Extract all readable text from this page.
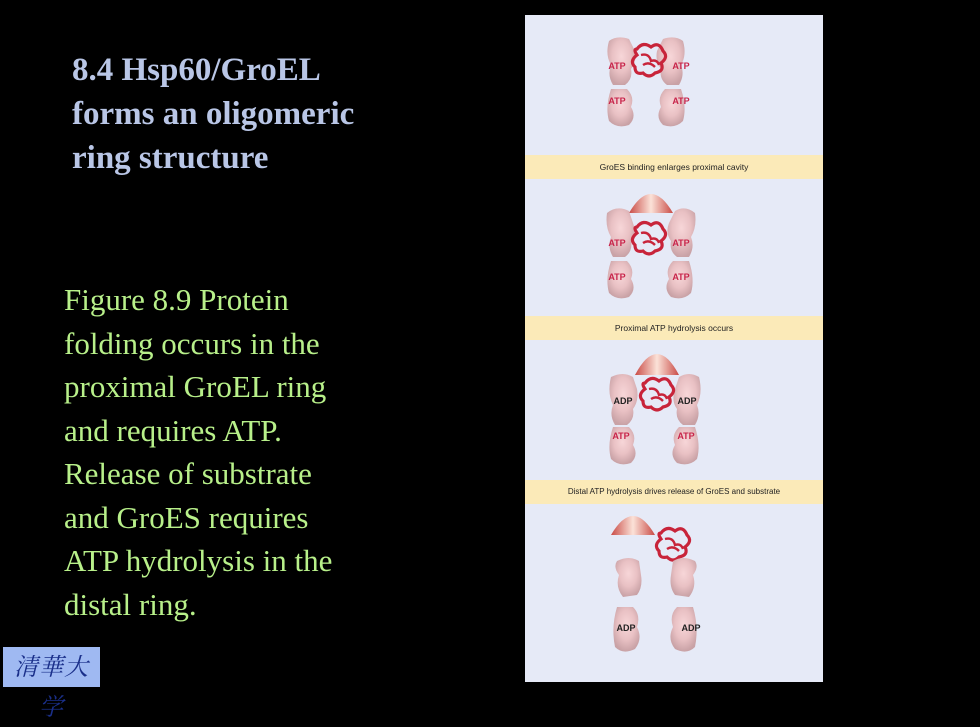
8.4 Hsp60/GroEL
forms an oligomeric
ring structure
Figure 8.9 Protein
folding occurs in the
proximal GroEL ring
and requires ATP.
Release of substrate
and GroES requires
ATP hydrolysis in the
distal ring.
清華大学
ATP	ATP
ATP	ATP
ATP	ATP
ATP	ATP
ADP	ADP
ATP	ATP
ADP	ADP
GroES binding enlarges proximal cavity
Proximal ATP hydrolysis occurs
Distal ATP hydrolysis drives release of GroES and substrate
